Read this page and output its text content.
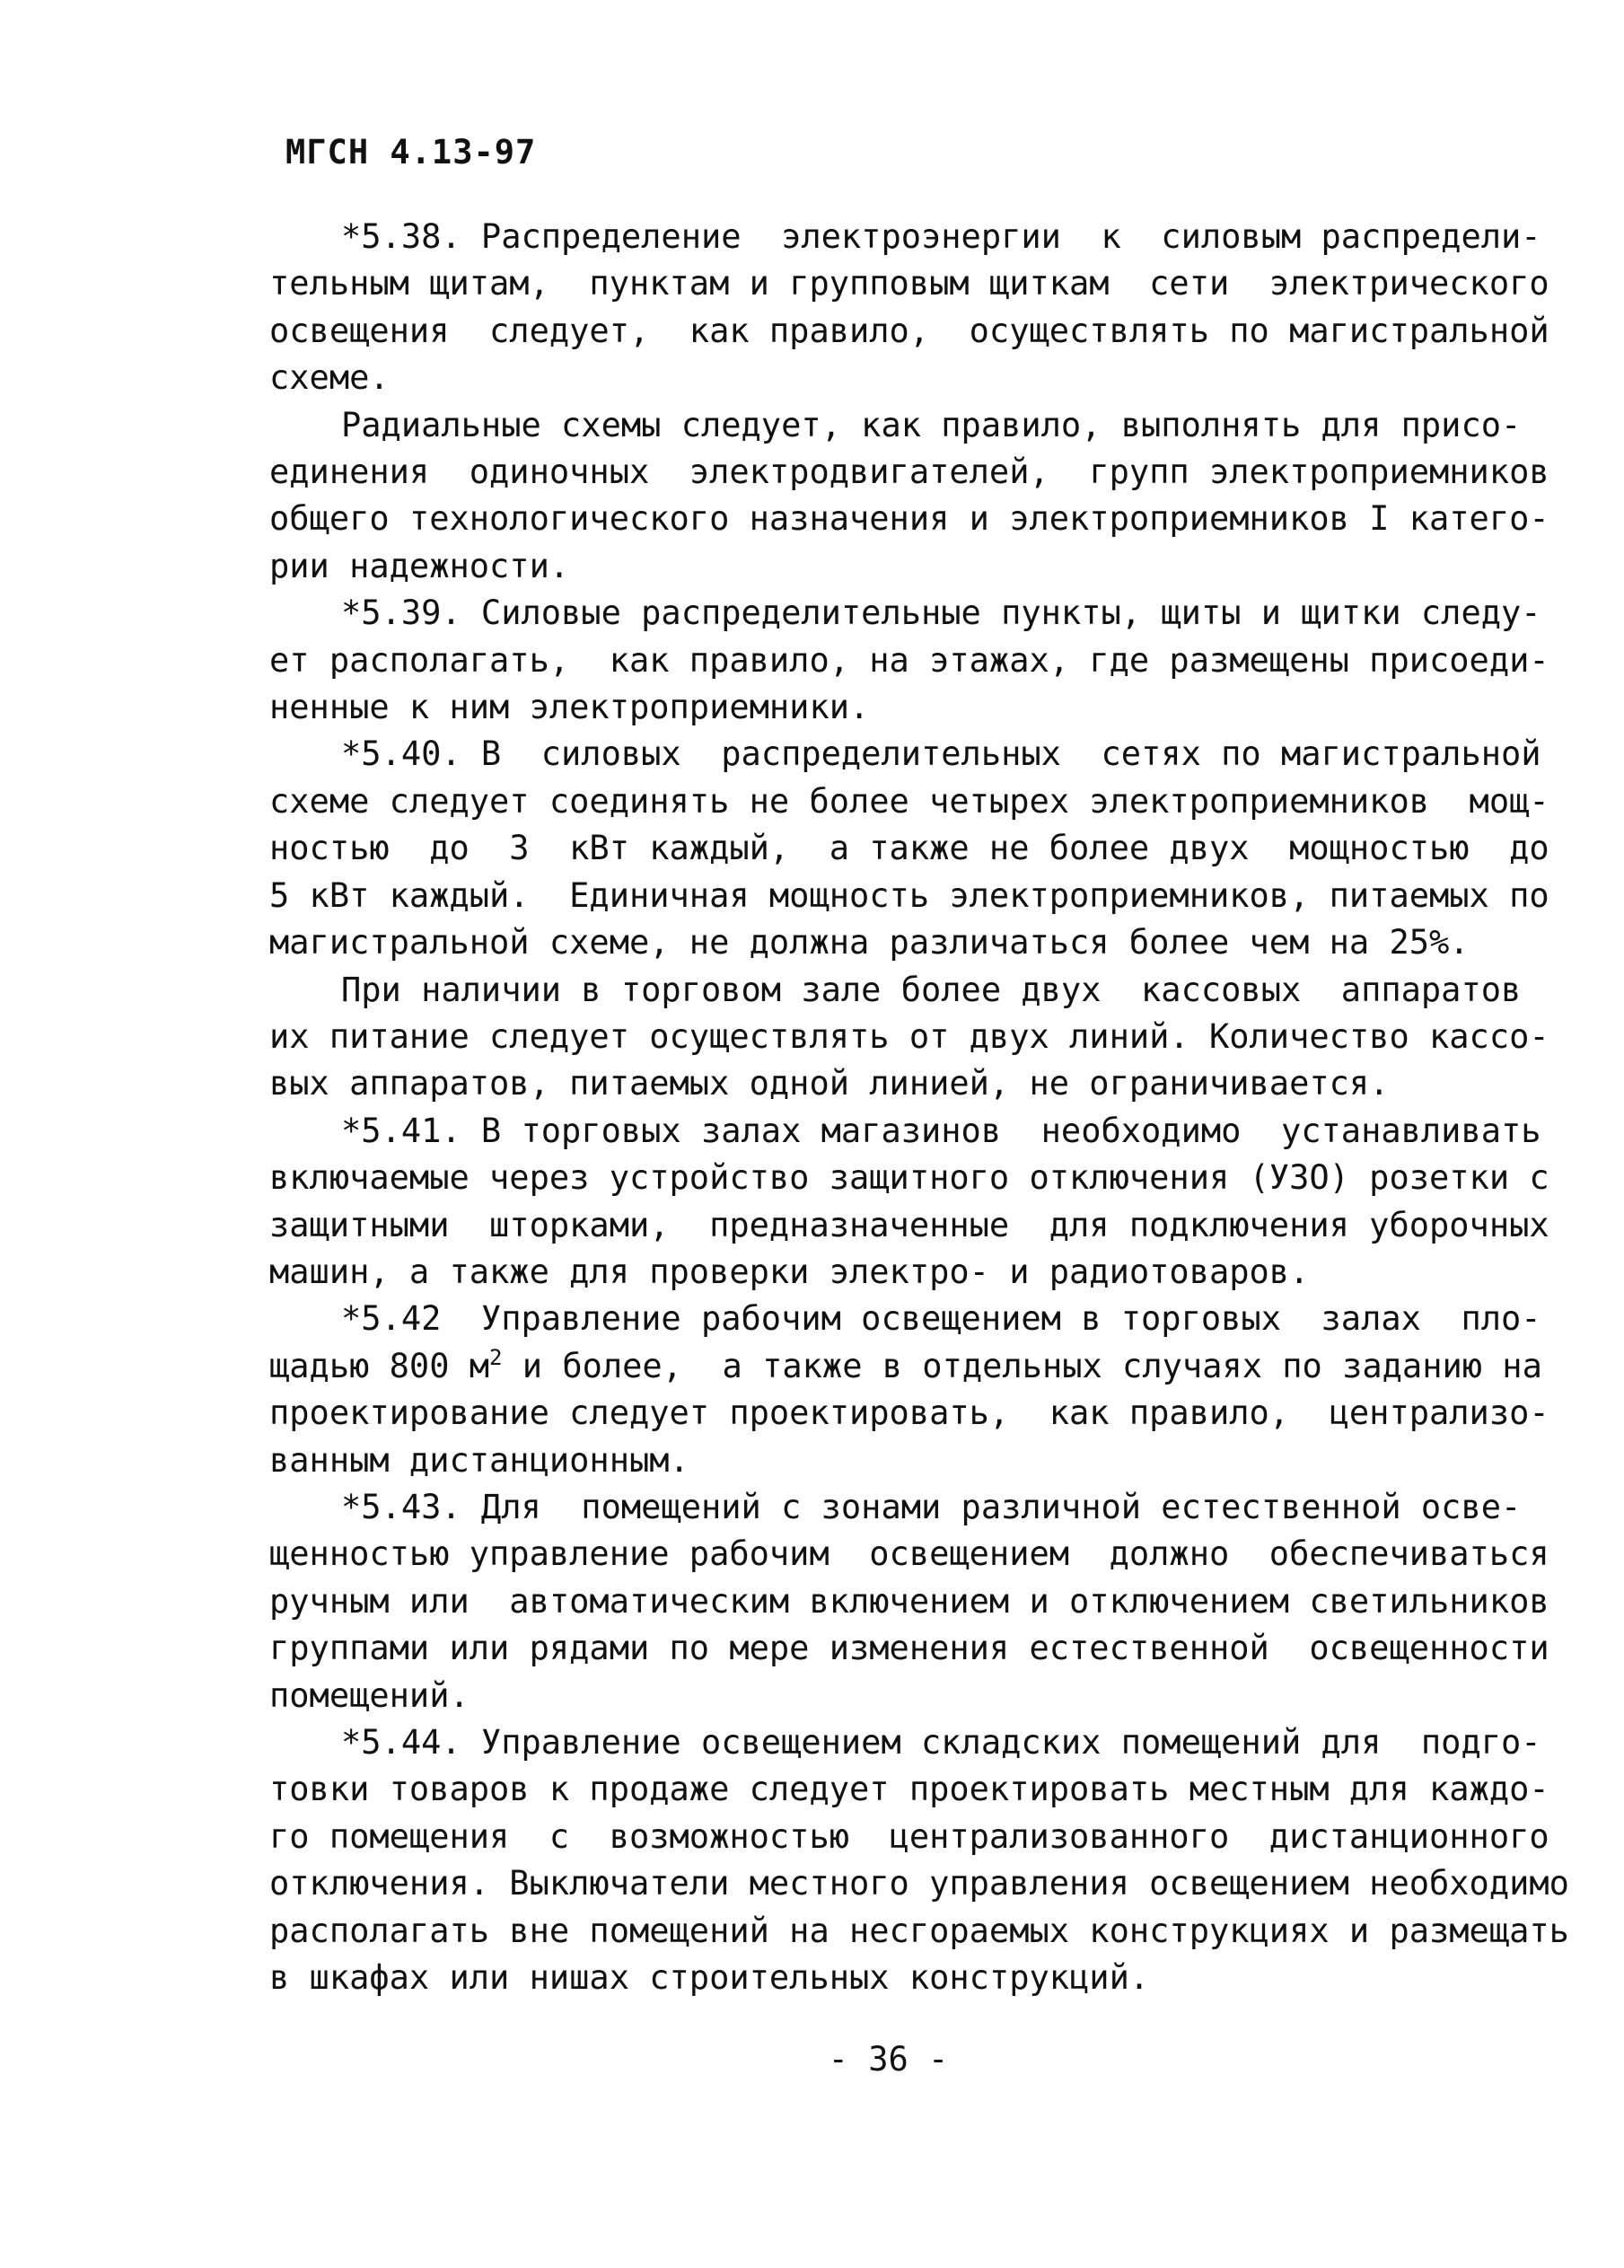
МГСН 4.13-97
*5.38. Распределение  электроэнергии  к  силовым распредели-
тельным щитам,  пунктам и групповым щиткам  сети  электрического
освещения  следует,  как правило,  осуществлять по магистральной
схеме.
Радиальные схемы следует, как правило, выполнять для присо-
единения  одиночных  электродвигателей,  групп электроприемников
общего технологического назначения и электроприемников I катего-
рии надежности.
*5.39. Силовые распределительные пункты, щиты и щитки следу-
ет располагать,  как правило, на этажах, где размещены присоеди-
ненные к ним электроприемники.
*5.40. В  силовых  распределительных  сетях по магистральной
схеме следует соединять не более четырех электроприемников  мощ-
ностью  до  3  кВт каждый,  а также не более двух  мощностью  до
5 кВт каждый.  Единичная мощность электроприемников, питаемых по
магистральной схеме, не должна различаться более чем на 25%.
При наличии в торговом зале более двух  кассовых  аппаратов
их питание следует осуществлять от двух линий. Количество кассо-
вых аппаратов, питаемых одной линией, не ограничивается.
*5.41. В торговых залах магазинов  необходимо  устанавливать
включаемые через устройство защитного отключения (УЗО) розетки с
защитными  шторками,  предназначенные  для подключения уборочных
машин, а также для проверки электро- и радиотоваров.
*5.42  Управление рабочим освещением в торговых  залах  пло-
щадью 800 $м^2$ и более,  а также в отдельных случаях по заданию на
проектирование следует проектировать,  как правило,  централизо-
ванным дистанционным.
*5.43. Для  помещений с зонами различной естественной осве-
щенностью управление рабочим  освещением  должно  обеспечиваться
ручным или  автоматическим включением и отключением светильников
группами или рядами по мере изменения естественной  освещенности
помещений.
*5.44. Управление освещением складских помещений для  подго-
товки товаров к продаже следует проектировать местным для каждо-
го помещения  с  возможностью  централизованного  дистанционного
отключения. Выключатели местного управления освещением необходимо
располагать вне помещений на несгораемых конструкциях и размещать
в шкафах или нишах строительных конструкций.
- 36 -
